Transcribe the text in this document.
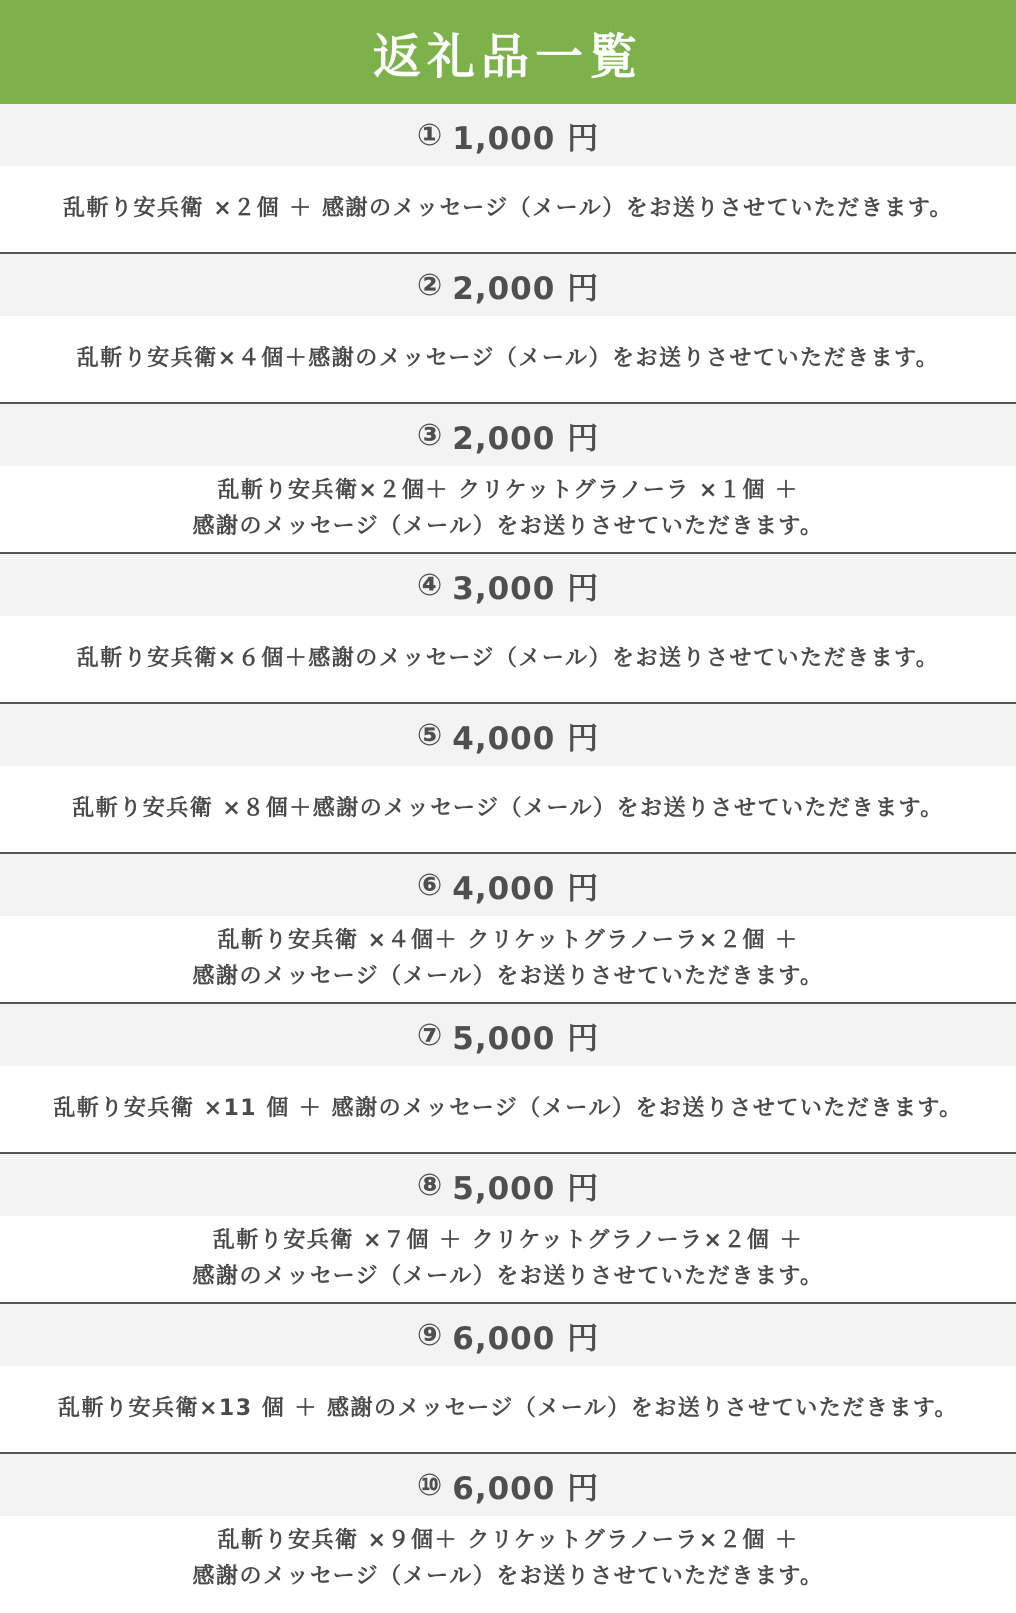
返礼品一覧
① 1,000 円
乱斬り安兵衛 ×２個 ＋ 感謝のメッセージ（メール）をお送りさせていただきます。
② 2,000 円
乱斬り安兵衛×４個＋感謝のメッセージ（メール）をお送りさせていただきます。
③ 2,000 円
乱斬り安兵衛×２個＋ クリケットグラノーラ ×１個 ＋
感謝のメッセージ（メール）をお送りさせていただきます。
④ 3,000 円
乱斬り安兵衛×６個＋感謝のメッセージ（メール）をお送りさせていただきます。
⑤ 4,000 円
乱斬り安兵衛 ×８個＋感謝のメッセージ（メール）をお送りさせていただきます。
⑥ 4,000 円
乱斬り安兵衛 ×４個＋ クリケットグラノーラ×２個 ＋
感謝のメッセージ（メール）をお送りさせていただきます。
⑦ 5,000 円
乱斬り安兵衛 ×11 個 ＋ 感謝のメッセージ（メール）をお送りさせていただきます。
⑧ 5,000 円
乱斬り安兵衛 ×７個 ＋ クリケットグラノーラ×２個 ＋
感謝のメッセージ（メール）をお送りさせていただきます。
⑨ 6,000 円
乱斬り安兵衛×13 個 ＋ 感謝のメッセージ（メール）をお送りさせていただきます。
⑩ 6,000 円
乱斬り安兵衛 ×９個＋ クリケットグラノーラ×２個 ＋
感謝のメッセージ（メール）をお送りさせていただきます。
